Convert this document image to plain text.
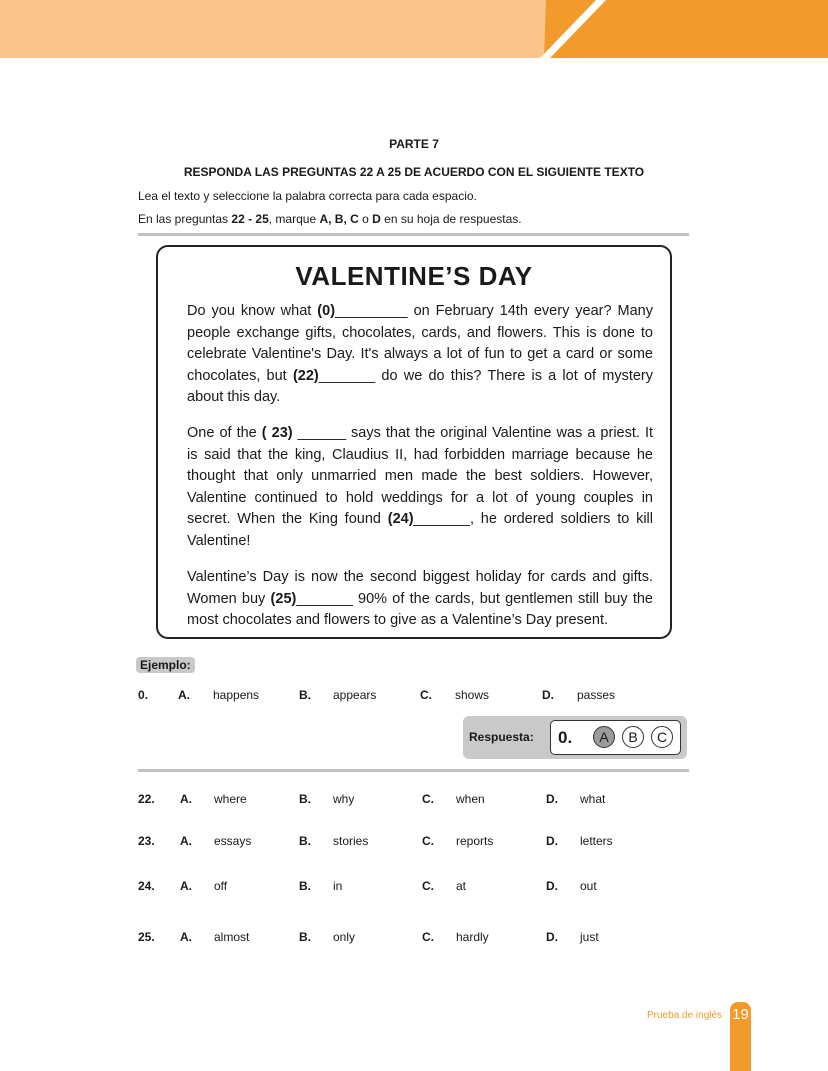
PARTE 7
RESPONDA LAS PREGUNTAS 22 A 25 DE ACUERDO CON EL SIGUIENTE TEXTO
Lea el texto y seleccione la palabra correcta para cada espacio.
En las preguntas 22 - 25, marque A, B, C o D en su hoja de respuestas.
VALENTINE’S DAY
Do you know what (0)_________ on February 14th every year? Many people exchange gifts, chocolates, cards, and flowers. This is done to celebrate Valentine's Day. It's always a lot of fun to get a card or some chocolates, but (22)_______ do we do this? There is a lot of mystery about this day.
One of the ( 23) ______ says that the original Valentine was a priest. It is said that the king, Claudius II, had forbidden marriage because he thought that only unmarried men made the best soldiers. However, Valentine continued to hold weddings for a lot of young couples in secret. When the King found (24)_______, he ordered soldiers to kill Valentine!
Valentine’s Day is now the second biggest holiday for cards and gifts. Women buy (25)_______ 90% of the cards, but gentlemen still buy the most chocolates and flowers to give as a Valentine’s Day present.
Ejemplo:
0. A. happens	B. appears	C. shows	D. passes
Respuesta: 0.	A	B	C
22. A. where	B. why	C. when	D. what
23. A. essays	B. stories	C. reports	D. letters
24. A. off	B. in	C. at	D. out
25. A. almost	B. only	C. hardly	D. just
Prueba de inglés 19
